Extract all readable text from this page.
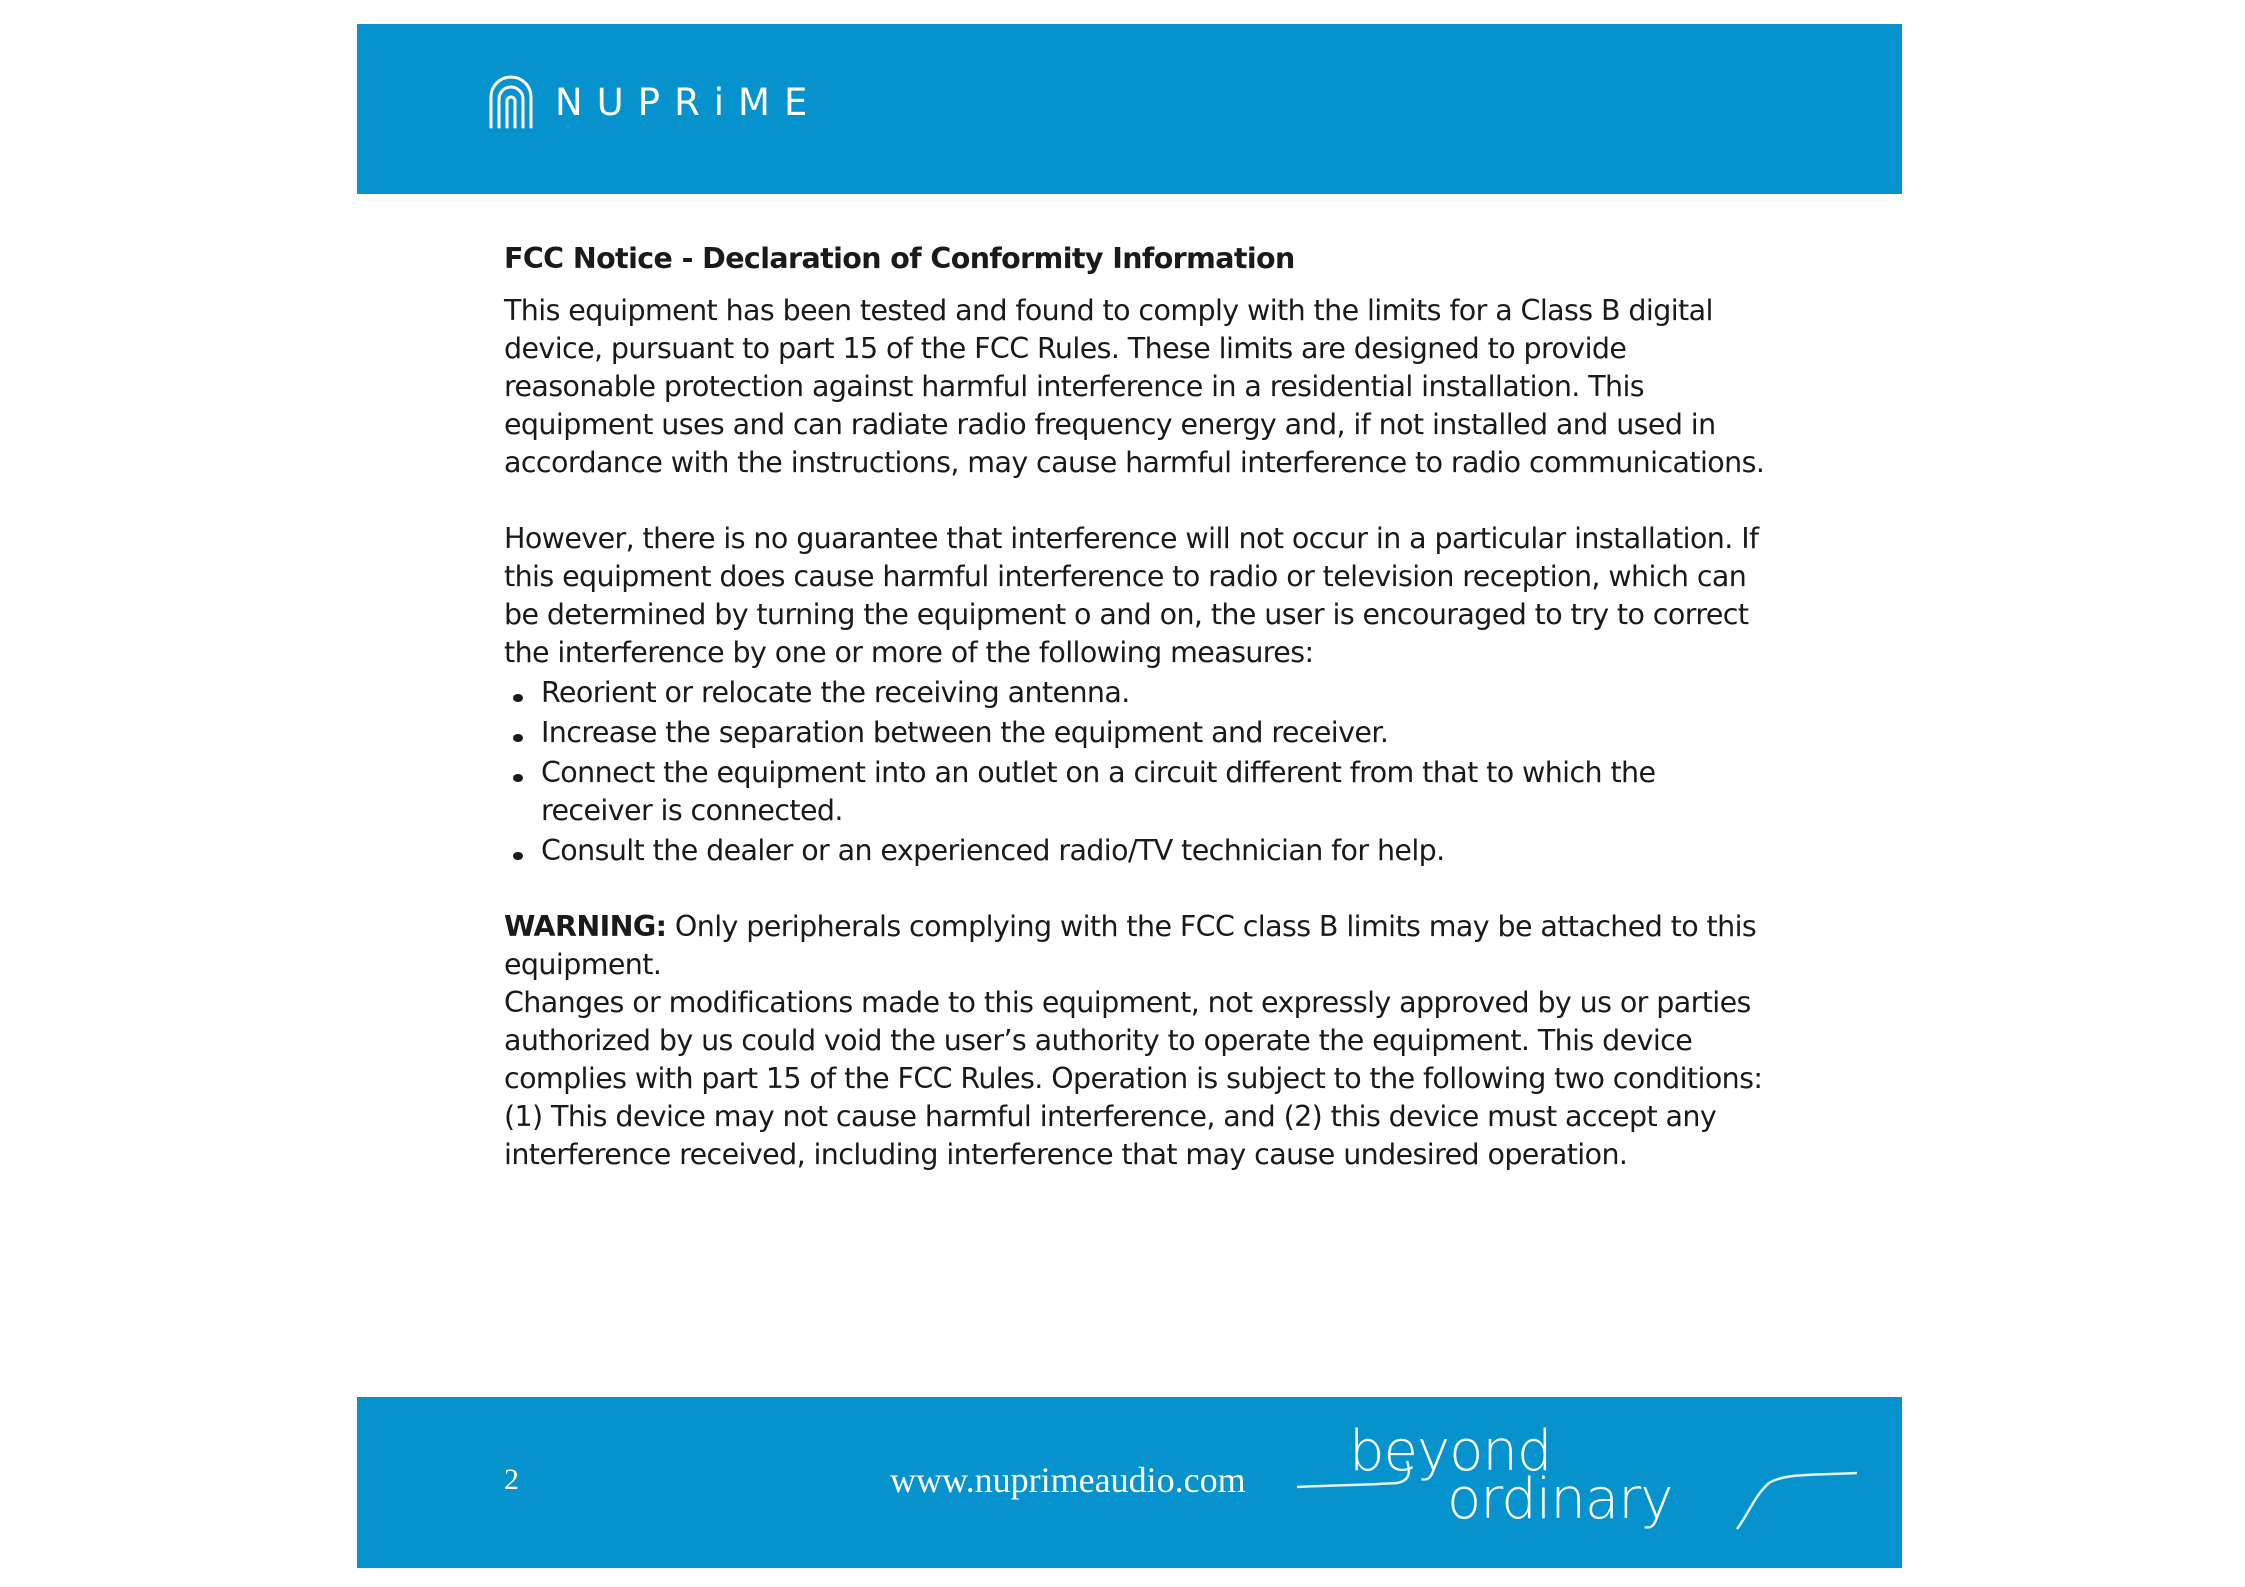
NUPRiME
FCC Notice - Declaration of Conformity Information

This equipment has been tested and found to comply with the limits for a Class B digital device, pursuant to part 15 of the FCC Rules. These limits are designed to provide reasonable protection against harmful interference in a residential installation. This equipment uses and can radiate radio frequency energy and, if not installed and used in accordance with the instructions, may cause harmful interference to radio communications.

However, there is no guarantee that interference will not occur in a particular installation. If this equipment does cause harmful interference to radio or television reception, which can be determined by turning the equipment o and on, the user is encouraged to try to correct the interference by one or more of the following measures:

Reorient or relocate the receiving antenna.
Increase the separation between the equipment and receiver.
Connect the equipment into an outlet on a circuit different from that to which the receiver is connected.
Consult the dealer or an experienced radio/TV technician for help.

WARNING: Only peripherals complying with the FCC class B limits may be attached to this equipment.

Changes or modifications made to this equipment, not expressly approved by us or parties authorized by us could void the user’s authority to operate the equipment. This device complies with part 15 of the FCC Rules. Operation is subject to the following two conditions: (1) This device may not cause harmful interference, and (2) this device must accept any interference received, including interference that may cause undesired operation.

2	www.nuprimeaudio.com beyond
ordinary
